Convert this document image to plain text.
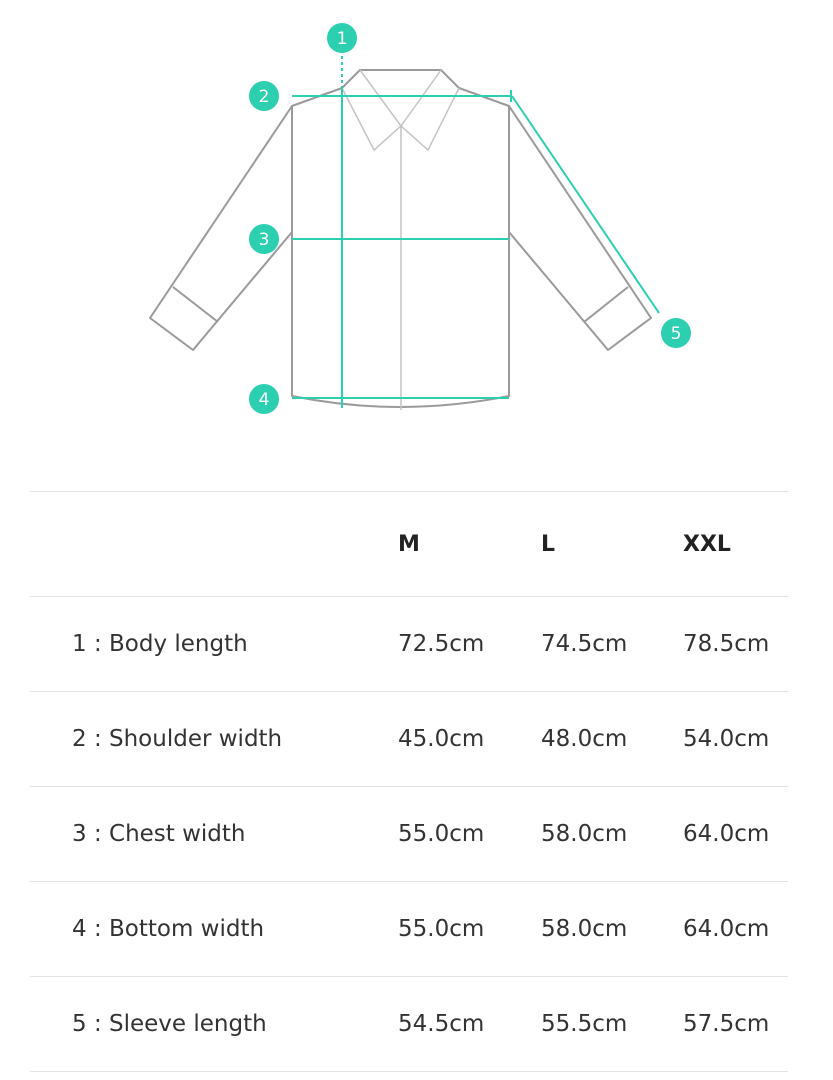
1
2
3
4
5
	M	L	XXL
1 : Body length	72.5cm	74.5cm	78.5cm
2 : Shoulder width	45.0cm	48.0cm	54.0cm
3 : Chest width	55.0cm	58.0cm	64.0cm
4 : Bottom width	55.0cm	58.0cm	64.0cm
5 : Sleeve length	54.5cm	55.5cm	57.5cm
